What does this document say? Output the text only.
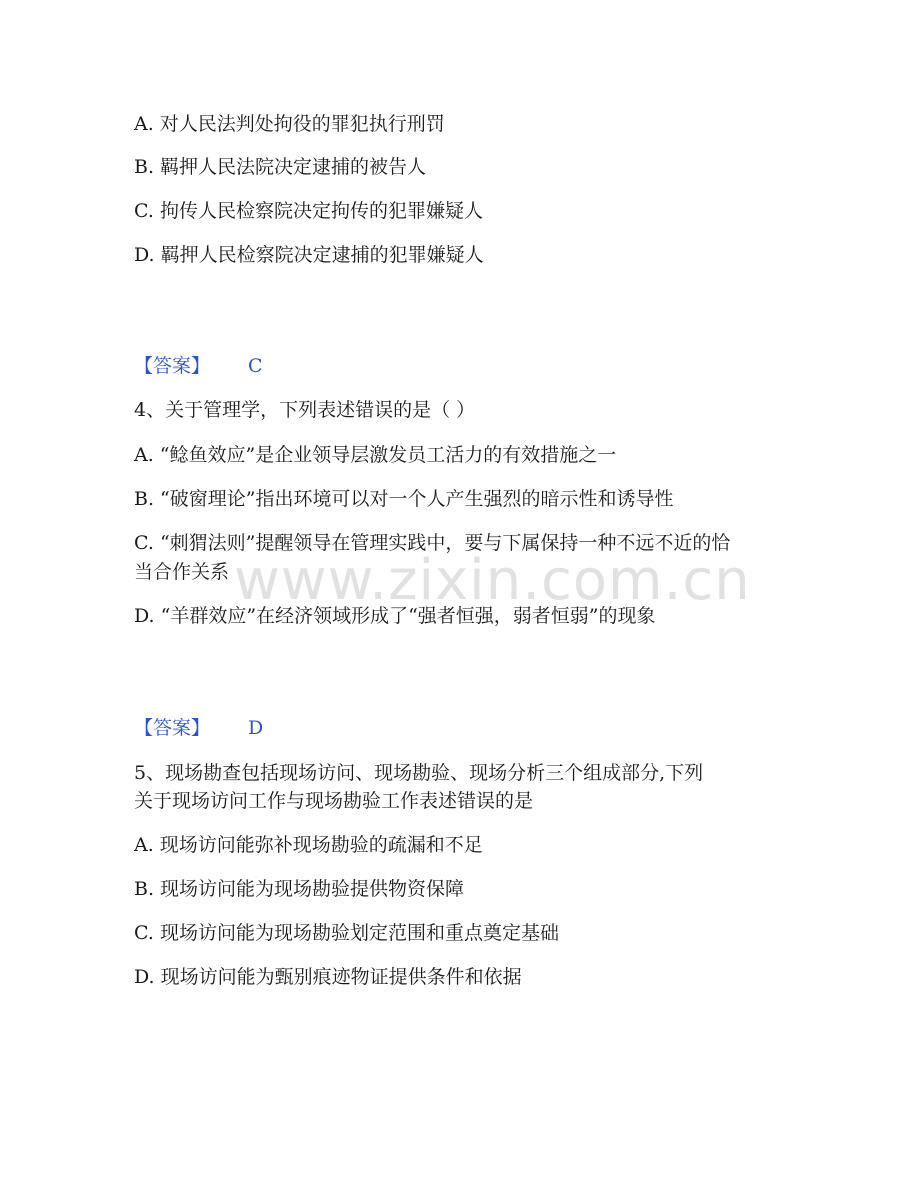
A. 对人民法判处拘役的罪犯执行刑罚
B. 羁押人民法院决定逮捕的被告人
C. 拘传人民检察院决定拘传的犯罪嫌疑人
D. 羁押人民检察院决定逮捕的犯罪嫌疑人
【答案】 C
4、关于管理学，下列表述错误的是（ ）
A. “鲶鱼效应”是企业领导层激发员工活力的有效措施之一
B. “破窗理论”指出环境可以对一个人产生强烈的暗示性和诱导性
C. “刺猬法则”提醒领导在管理实践中，要与下属保持一种不远不近的恰
当合作关系
D. “羊群效应”在经济领域形成了“强者恒强，弱者恒弱”的现象
【答案】 D
5、现场勘查包括现场访问、现场勘验、现场分析三个组成部分,下列
关于现场访问工作与现场勘验工作表述错误的是
A. 现场访问能弥补现场勘验的疏漏和不足
B. 现场访问能为现场勘验提供物资保障
C. 现场访问能为现场勘验划定范围和重点奠定基础
D. 现场访问能为甄别痕迹物证提供条件和依据
www.zixin.com.cn
